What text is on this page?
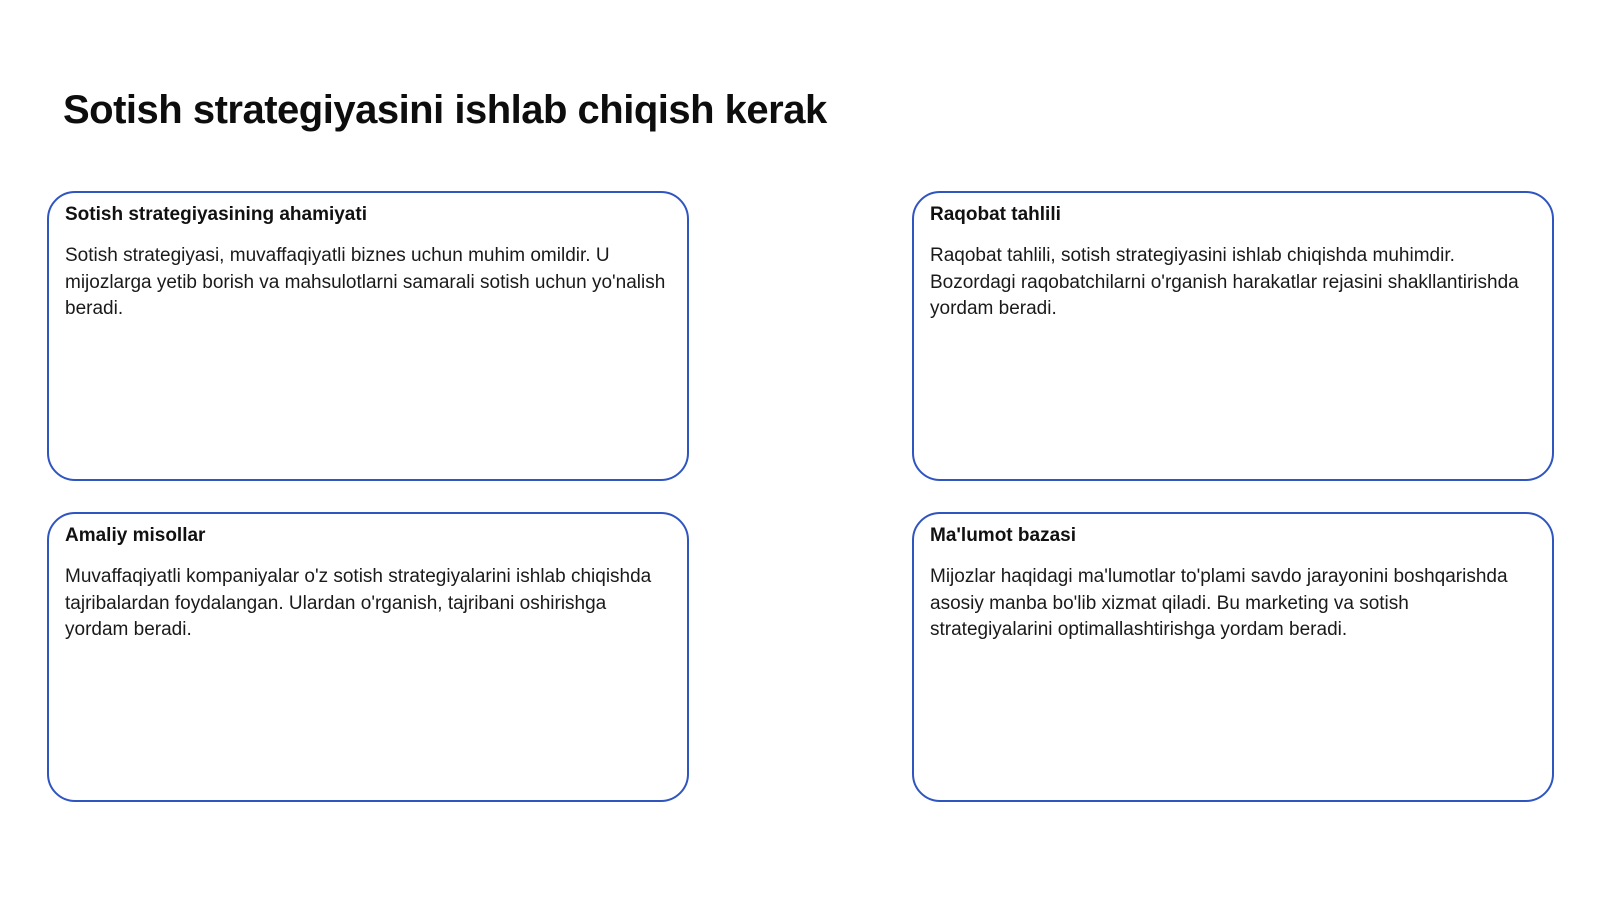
Sotish strategiyasini ishlab chiqish kerak
Sotish strategiyasining ahamiyati

Sotish strategiyasi, muvaffaqiyatli biznes uchun muhim omildir. U mijozlarga yetib borish va mahsulotlarni samarali sotish uchun yo'nalish beradi.

Raqobat tahlili

Raqobat tahlili, sotish strategiyasini ishlab chiqishda muhimdir. Bozordagi raqobatchilarni o'rganish harakatlar rejasini shakllantirishda yordam beradi.

Amaliy misollar

Muvaffaqiyatli kompaniyalar o'z sotish strategiyalarini ishlab chiqishda tajribalardan foydalangan. Ulardan o'rganish, tajribani oshirishga yordam beradi.

Ma'lumot bazasi

Mijozlar haqidagi ma'lumotlar to'plami savdo jarayonini boshqarishda asosiy manba bo'lib xizmat qiladi. Bu marketing va sotish strategiyalarini optimallashtirishga yordam beradi.
